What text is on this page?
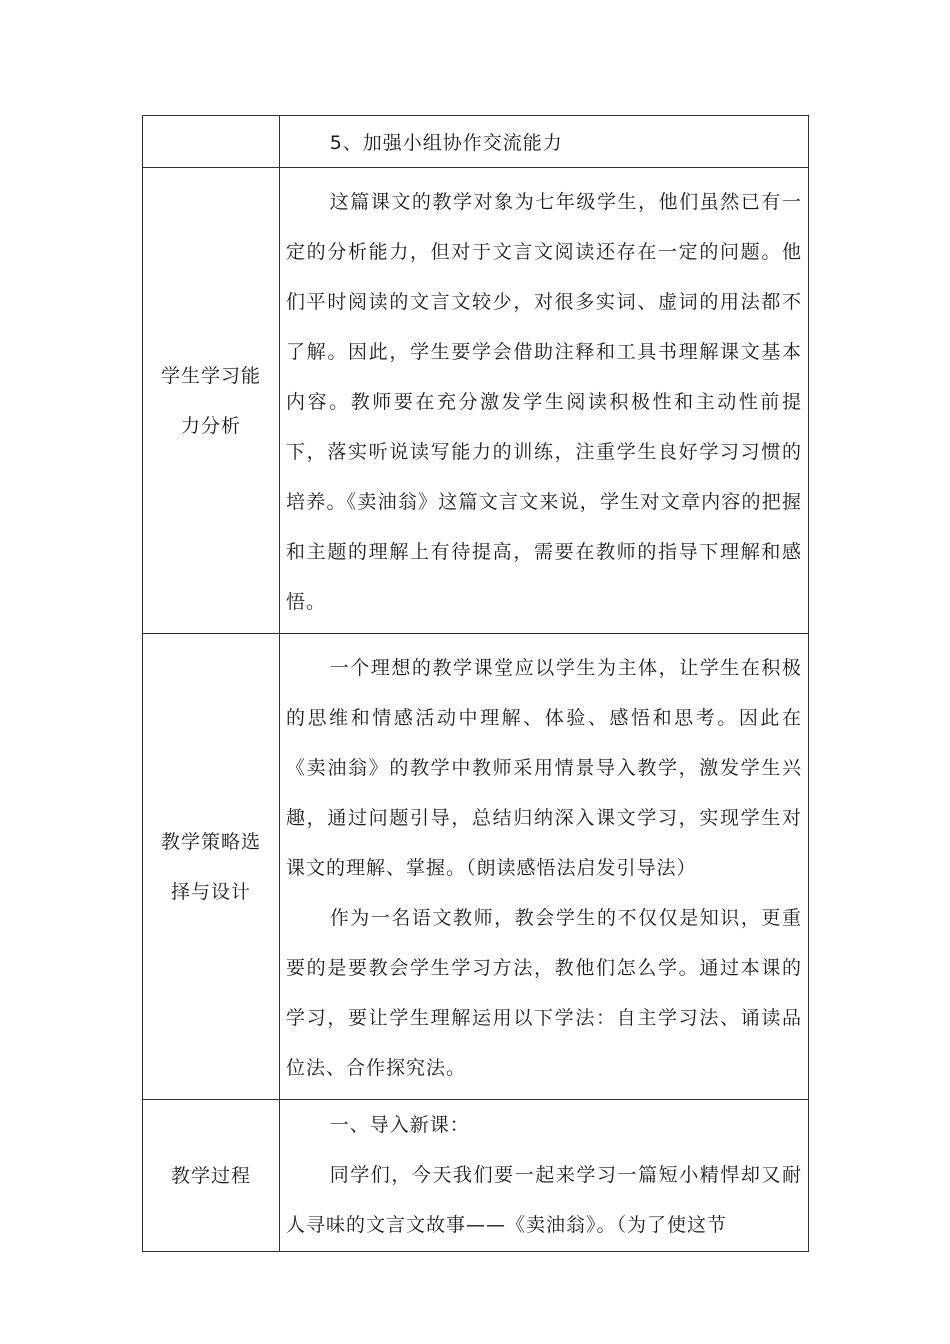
	5、加强小组协作交流能力

学生学习能力分析	这篇课文的教学对象为七年级学生，他们虽然已有一定的分析能力，但对于文言文阅读还存在一定的问题。他们平时阅读的文言文较少，对很多实词、虚词的用法都不了解。因此，学生要学会借助注释和工具书理解课文基本内容。教师要在充分激发学生阅读积极性和主动性前提下，落实听说读写能力的训练，注重学生良好学习习惯的培养。《卖油翁》这篇文言文来说，学生对文章内容的把握和主题的理解上有待提高，需要在教师的指导下理解和感悟。

教学策略选择与设计	一个理想的教学课堂应以学生为主体，让学生在积极的思维和情感活动中理解、体验、感悟和思考。因此在《卖油翁》的教学中教师采用情景导入教学，激发学生兴趣，通过问题引导，总结归纳深入课文学习，实现学生对课文的理解、掌握。（朗读感悟法启发引导法）

作为一名语文教师，教会学生的不仅仅是知识，更重要的是要教会学生学习方法，教他们怎么学。通过本课的学习，要让学生理解运用以下学法：自主学习法、诵读品位法、合作探究法。

教学过程	一、导入新课：

同学们，今天我们要一起来学习一篇短小精悍却又耐人寻味的文言文故事——《卖油翁》。（为了使这节
